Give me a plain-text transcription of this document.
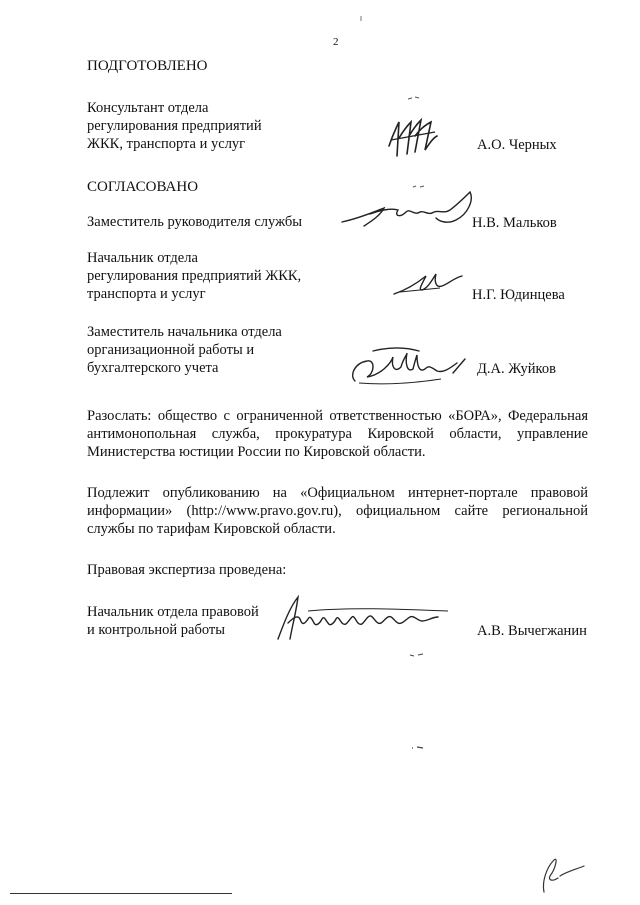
2
ПОДГОТОВЛЕНО
Консультант отдела
регулирования предприятий
ЖКК, транспорта и услуг	А.О. Черных
СОГЛАСОВАНО
Заместитель руководителя службы	Н.В. Мальков
Начальник отдела
регулирования предприятий ЖКК,
транспорта и услуг	Н.Г. Юдинцева
Заместитель начальника отдела
организационной работы и
бухгалтерского учета	Д.А. Жуйков
Разослать: общество с ограниченной ответственностью «БОРА», Федеральная антимонопольная служба, прокуратура Кировской области, управление Министерства юстиции России по Кировской области.
Подлежит опубликованию на «Официальном интернет-портале правовой информации» (http://www.pravo.gov.ru), официальном сайте региональной службы по тарифам Кировской области.
Правовая экспертиза проведена:
Начальник отдела правовой
и контрольной работы	А.В. Вычегжанин
